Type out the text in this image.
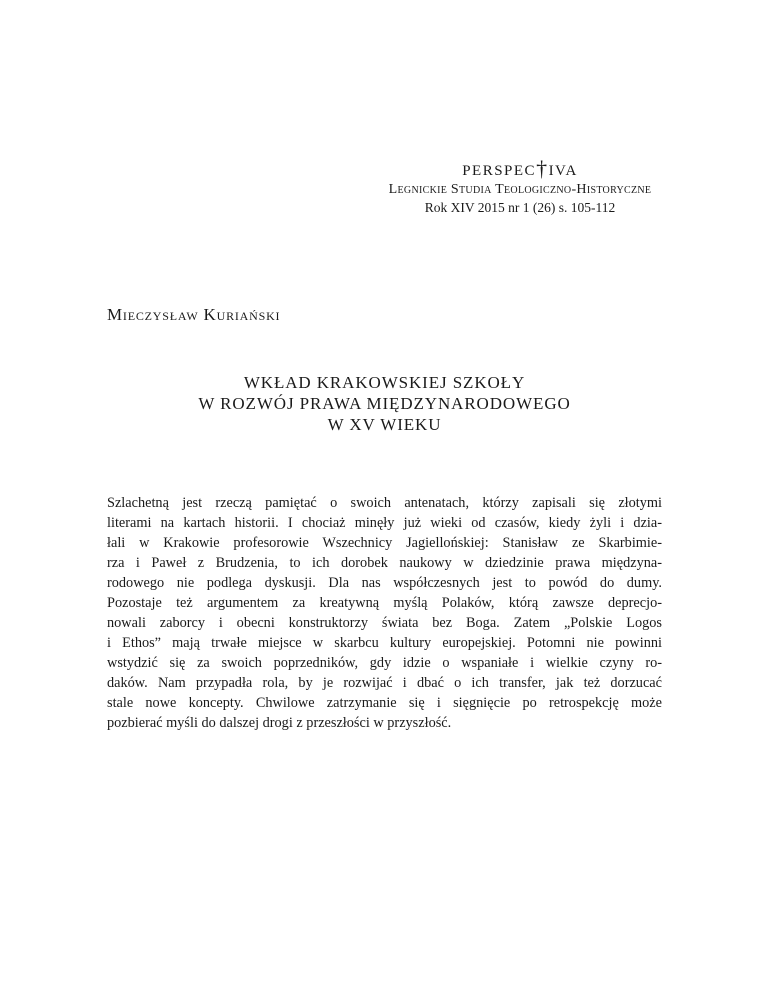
perspec†iva
Legnickie Studia Teologiczno-Historyczne
Rok XIV 2015 nr 1 (26) s. 105-112
Mieczysław Kuriański
WKŁAD KRAKOWSKIEJ SZKOŁY
W ROZWÓJ PRAWA MIĘDZYNARODOWEGO
W XV WIEKU
Szlachetną jest rzeczą pamiętać o swoich antenatach, którzy zapisali się złotymi
literami na kartach historii. I chociaż minęły już wieki od czasów, kiedy żyli i dzia-
łali w Krakowie profesorowie Wszechnicy Jagiellońskiej: Stanisław ze Skarbimie-
rza i Paweł z Brudzenia, to ich dorobek naukowy w dziedzinie prawa międzyna-
rodowego nie podlega dyskusji. Dla nas współczesnych jest to powód do dumy.
Pozostaje też argumentem za kreatywną myślą Polaków, którą zawsze deprecjo-
nowali zaborcy i obecni konstruktorzy świata bez Boga. Zatem „Polskie Logos
i Ethos” mają trwałe miejsce w skarbcu kultury europejskiej. Potomni nie powinni
wstydzić się za swoich poprzedników, gdy idzie o wspaniałe i wielkie czyny ro-
daków. Nam przypadła rola, by je rozwijać i dbać o ich transfer, jak też dorzucać
stale nowe koncepty. Chwilowe zatrzymanie się i sięgnięcie po retrospekcję może
pozbierać myśli do dalszej drogi z przeszłości w przyszłość.
